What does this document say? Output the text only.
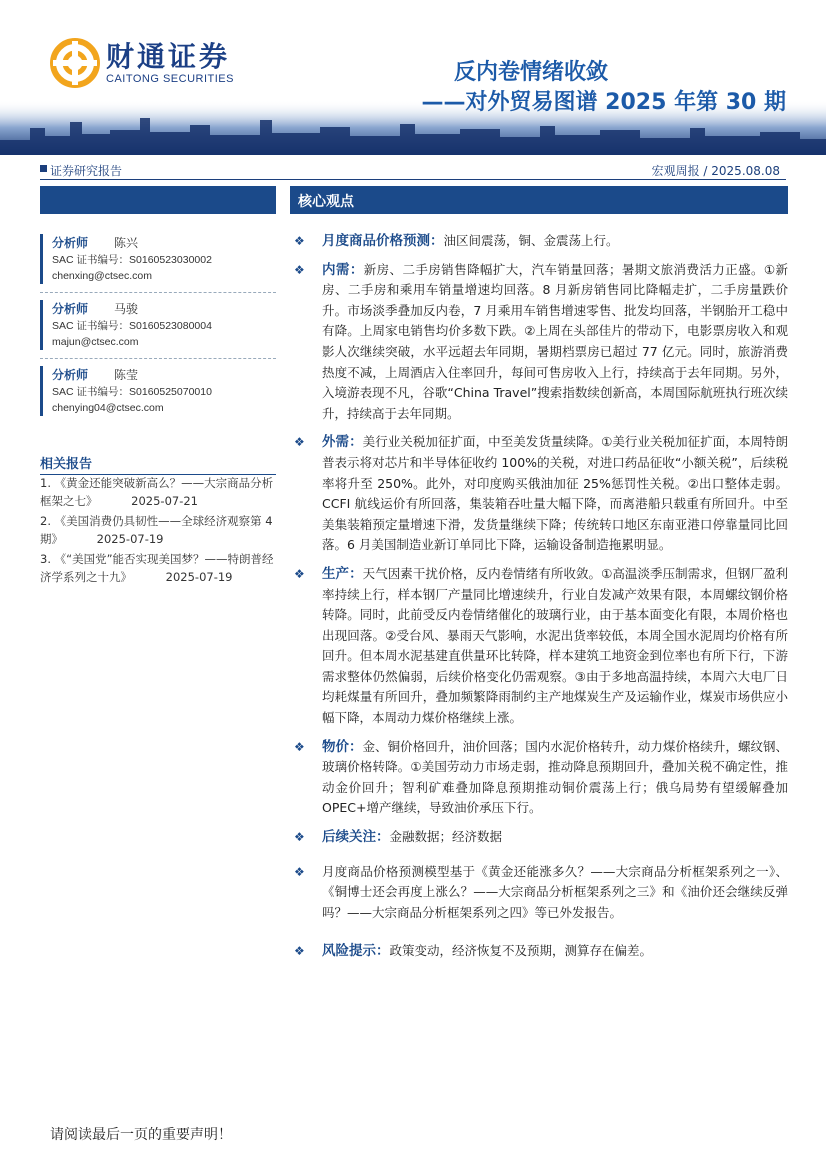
财通证券
CAITONG SECURITIES	反内卷情绪收敛
——对外贸易图谱 2025 年第 30 期
证券研究报告	宏观周报 / 2025.08.08
分析师	陈兴
SAC 证书编号：S0160523030002
chenxing@ctsec.com
分析师	马骏
SAC 证书编号：S0160523080004
majun@ctsec.com
分析师	陈莹
SAC 证书编号：S0160525070010
chenying04@ctsec.com
相关报告
1. 《黄金还能突破新高么？——大宗商品分析框架之七》	2025-07-21
2. 《美国消费仍具韧性——全球经济观察第 4 期》	2025-07-19
3. 《“美国党”能否实现美国梦？——特朗普经济学系列之十九》	2025-07-19
核心观点
❖ 月度商品价格预测：油区间震荡，铜、金震荡上行。
❖ 内需：新房、二手房销售降幅扩大，汽车销量回落；暑期文旅消费活力正盛。①新房、二手房和乘用车销量增速均回落。8 月新房销售同比降幅走扩，二手房量跌价升。市场淡季叠加反内卷，7 月乘用车销售增速零售、批发均回落，半钢胎开工稳中有降。上周家电销售均价多数下跌。②上周在头部佳片的带动下，电影票房收入和观影人次继续突破，水平远超去年同期，暑期档票房已超过 77 亿元。同时，旅游消费热度不减，上周酒店入住率回升，每间可售房收入上行，持续高于去年同期。另外，入境游表现不凡，谷歌“China Travel”搜索指数续创新高，本周国际航班执行班次续升，持续高于去年同期。
❖ 外需：美行业关税加征扩面，中至美发货量续降。①美行业关税加征扩面，本周特朗普表示将对芯片和半导体征收约 100%的关税，对进口药品征收“小额关税”，后续税率将升至 250%。此外，对印度购买俄油加征 25%惩罚性关税。②出口整体走弱。CCFI 航线运价有所回落，集装箱吞吐量大幅下降，而离港船只载重有所回升。中至美集装箱预定量增速下滑，发货量继续下降；传统转口地区东南亚港口停靠量同比回落。6 月美国制造业新订单同比下降，运输设备制造拖累明显。
❖ 生产：天气因素干扰价格，反内卷情绪有所收敛。①高温淡季压制需求，但钢厂盈利率持续上行，样本钢厂产量同比增速续升，行业自发减产效果有限，本周螺纹钢价格转降。同时，此前受反内卷情绪催化的玻璃行业，由于基本面变化有限，本周价格也出现回落。②受台风、暴雨天气影响，水泥出货率较低，本周全国水泥周均价格有所回升。但本周水泥基建直供量环比转降，样本建筑工地资金到位率也有所下行，下游需求整体仍然偏弱，后续价格变化仍需观察。③由于多地高温持续，本周六大电厂日均耗煤量有所回升，叠加频繁降雨制约主产地煤炭生产及运输作业，煤炭市场供应小幅下降，本周动力煤价格继续上涨。
❖ 物价：金、铜价格回升，油价回落；国内水泥价格转升，动力煤价格续升，螺纹钢、玻璃价格转降。①美国劳动力市场走弱，推动降息预期回升，叠加关税不确定性，推动金价回升；智利矿难叠加降息预期推动铜价震荡上行；俄乌局势有望缓解叠加 OPEC+增产继续，导致油价承压下行。
❖ 后续关注：金融数据；经济数据
❖ 月度商品价格预测模型基于《黄金还能涨多久？——大宗商品分析框架系列之一》、《铜博士还会再度上涨么？——大宗商品分析框架系列之三》和《油价还会继续反弹吗？——大宗商品分析框架系列之四》等已外发报告。
❖ 风险提示：政策变动，经济恢复不及预期，测算存在偏差。
请阅读最后一页的重要声明！
